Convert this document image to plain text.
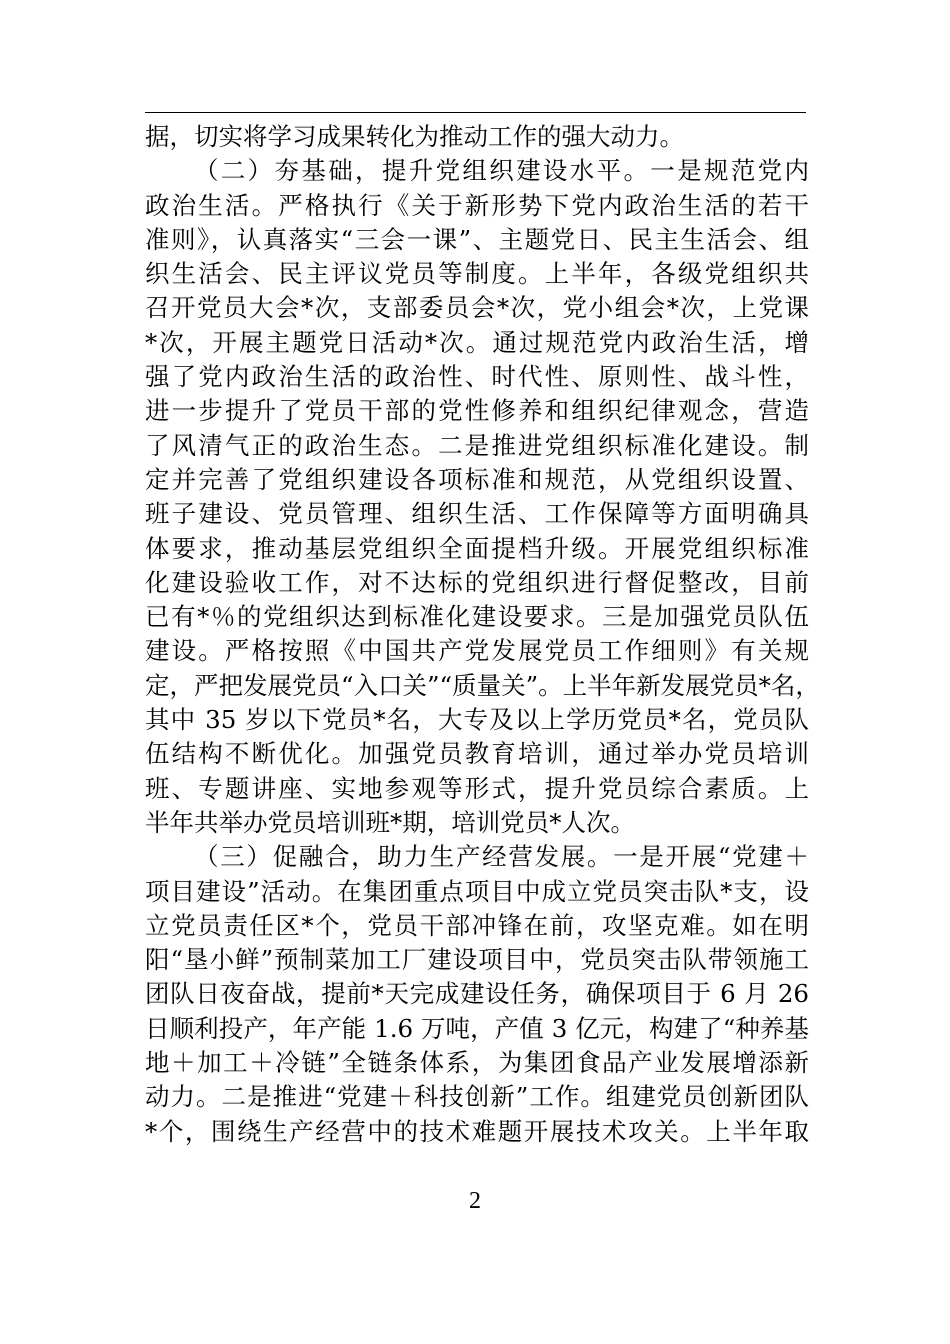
据，切实将学习成果转化为推动工作的强大动力。
（二）夯基础，提升党组织建设水平。一是规范党内
政治生活。严格执行《关于新形势下党内政治生活的若干
准则》，认真落实“三会一课”、主题党日、民主生活会、组
织生活会、民主评议党员等制度。上半年，各级党组织共
召开党员大会*次，支部委员会*次，党小组会*次，上党课
*次，开展主题党日活动*次。通过规范党内政治生活，增
强了党内政治生活的政治性、时代性、原则性、战斗性，
进一步提升了党员干部的党性修养和组织纪律观念，营造
了风清气正的政治生态。二是推进党组织标准化建设。制
定并完善了党组织建设各项标准和规范，从党组织设置、
班子建设、党员管理、组织生活、工作保障等方面明确具
体要求，推动基层党组织全面提档升级。开展党组织标准
化建设验收工作，对不达标的党组织进行督促整改，目前
已有*％的党组织达到标准化建设要求。三是加强党员队伍
建设。严格按照《中国共产党发展党员工作细则》有关规
定，严把发展党员“入口关”“质量关”。上半年新发展党员*名，
其中 35 岁以下党员*名，大专及以上学历党员*名，党员队
伍结构不断优化。加强党员教育培训，通过举办党员培训
班、专题讲座、实地参观等形式，提升党员综合素质。上
半年共举办党员培训班*期，培训党员*人次。
（三）促融合，助力生产经营发展。一是开展“党建＋
项目建设”活动。在集团重点项目中成立党员突击队*支，设
立党员责任区*个，党员干部冲锋在前，攻坚克难。如在明
阳“垦小鲜”预制菜加工厂建设项目中，党员突击队带领施工
团队日夜奋战，提前*天完成建设任务，确保项目于 6 月 26
日顺利投产，年产能 1.6 万吨，产值 3 亿元，构建了“种养基
地＋加工＋冷链”全链条体系，为集团食品产业发展增添新
动力。二是推进“党建＋科技创新”工作。组建党员创新团队
*个，围绕生产经营中的技术难题开展技术攻关。上半年取
2
